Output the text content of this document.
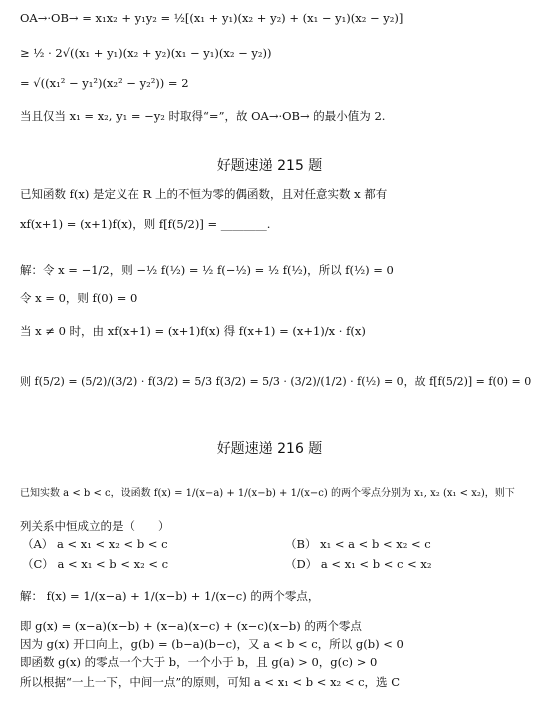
OA→·OB→ = x₁x₂ + y₁y₂ = ½[(x₁ + y₁)(x₂ + y₂) + (x₁ − y₁)(x₂ − y₂)]
≥ ½ · 2√((x₁ + y₁)(x₂ + y₂)(x₁ − y₁)(x₂ − y₂))
= √((x₁² − y₁²)(x₂² − y₂²)) = 2
当且仅当 x₁ = x₂, y₁ = −y₂ 时取得“=”，故 OA→·OB→ 的最小值为 2.
好题速递 215 题
已知函数 f(x) 是定义在 R 上的不恒为零的偶函数，且对任意实数 x 都有
xf(x+1) = (x+1)f(x)，则 f[f(5/2)] = ________.
解：令 x = −1/2，则 −½ f(½) = ½ f(−½) = ½ f(½)，所以 f(½) = 0
令 x = 0，则 f(0) = 0
当 x ≠ 0 时，由 xf(x+1) = (x+1)f(x) 得 f(x+1) = (x+1)/x · f(x)
则 f(5/2) = (5/2)/(3/2) · f(3/2) = 5/3 f(3/2) = 5/3 · (3/2)/(1/2) · f(½) = 0，故 f[f(5/2)] = f(0) = 0
好题速递 216 题
已知实数 a < b < c，设函数 f(x) = 1/(x−a) + 1/(x−b) + 1/(x−c) 的两个零点分别为 x₁, x₂ (x₁ < x₂)，则下
列关系中恒成立的是（　　）
（A） a < x₁ < x₂ < b < c	（B） x₁ < a < b < x₂ < c
（C） a < x₁ < b < x₂ < c	（D） a < x₁ < b < c < x₂
解： f(x) = 1/(x−a) + 1/(x−b) + 1/(x−c) 的两个零点，
即 g(x) = (x−a)(x−b) + (x−a)(x−c) + (x−c)(x−b) 的两个零点
因为 g(x) 开口向上，g(b) = (b−a)(b−c)，又 a < b < c，所以 g(b) < 0
即函数 g(x) 的零点一个大于 b，一个小于 b，且 g(a) > 0，g(c) > 0
所以根据“一上一下，中间一点”的原则，可知 a < x₁ < b < x₂ < c，选 C
